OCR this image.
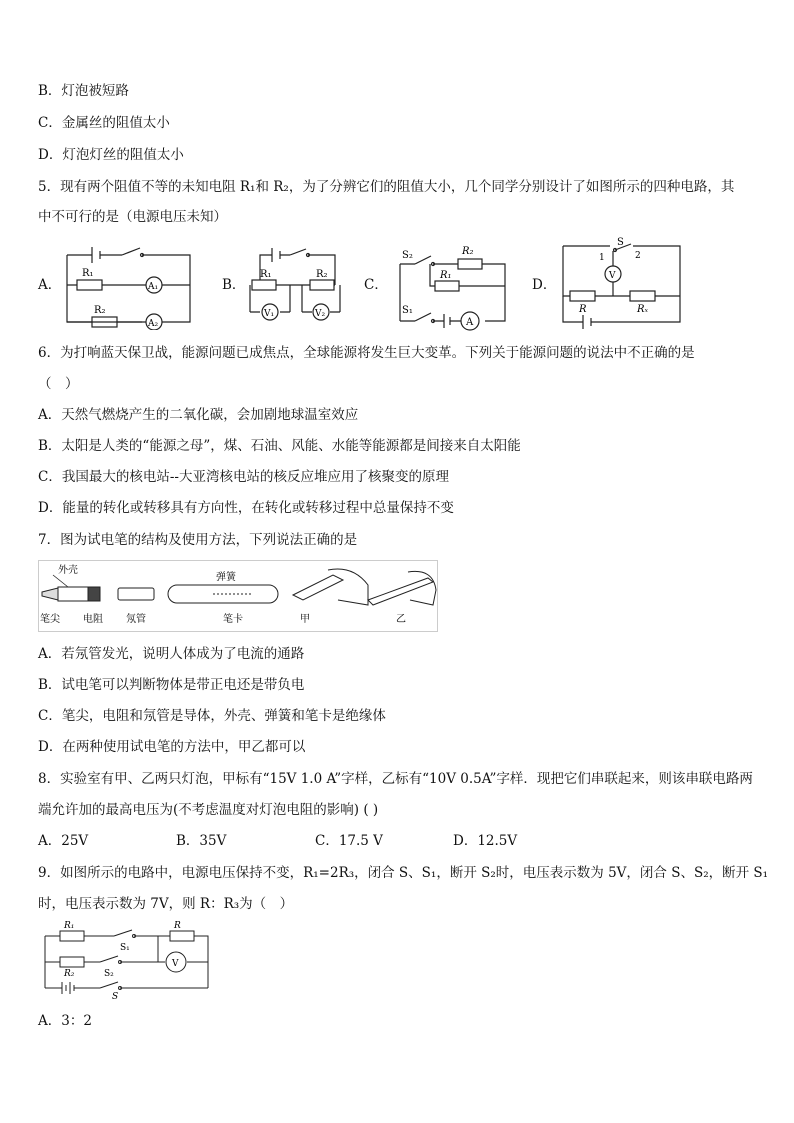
B．灯泡被短路
C．金属丝的阻值太小
D．灯泡灯丝的阻值太小
5．现有两个阻值不等的未知电阻 R₁和 R₂，为了分辨它们的阻值大小，几个同学分别设计了如图所示的四种电路，其
中不可行的是（电源电压未知）
A．
R₁
A₁
R₂
A₂
B．
R₁	R₂
V₁	V₂
C．
S₂	R₂
R₁
S₁
A
D．
S
1	2
V
R	Rₓ
6．为打响蓝天保卫战，能源问题已成焦点，全球能源将发生巨大变革。下列关于能源问题的说法中不正确的是
（　）
A．天然气燃烧产生的二氧化碳，会加剧地球温室效应
B．太阳是人类的“能源之母”，煤、石油、风能、水能等能源都是间接来自太阳能
C．我国最大的核电站--大亚湾核电站的核反应堆应用了核聚变的原理
D．能量的转化或转移具有方向性，在转化或转移过程中总量保持不变
7．图为试电笔的结构及使用方法，下列说法正确的是
外壳
弹簧
笔尖 电阻 氖管	笔卡	甲	乙
A．若氖管发光，说明人体成为了电流的通路
B．试电笔可以判断物体是带正电还是带负电
C．笔尖，电阻和氖管是导体，外壳、弹簧和笔卡是绝缘体
D．在两种使用试电笔的方法中，甲乙都可以
8．实验室有甲、乙两只灯泡，甲标有“15V 1.0 A”字样，乙标有“10V 0.5A”字样．现把它们串联起来，则该串联电路两
端允许加的最高电压为(不考虑温度对灯泡电阻的影响) ( )
A．25V	B．35V	C．17.5 V	D．12.5V
9．如图所示的电路中，电源电压保持不变，R₁=2R₃，闭合 S、S₁，断开 S₂时，电压表示数为 5V，闭合 S、S₂，断开 S₁
时，电压表示数为 7V，则 R：R₃为（　）
R₁
S₁
R
R₂	S₂
V
S
A．3：2
